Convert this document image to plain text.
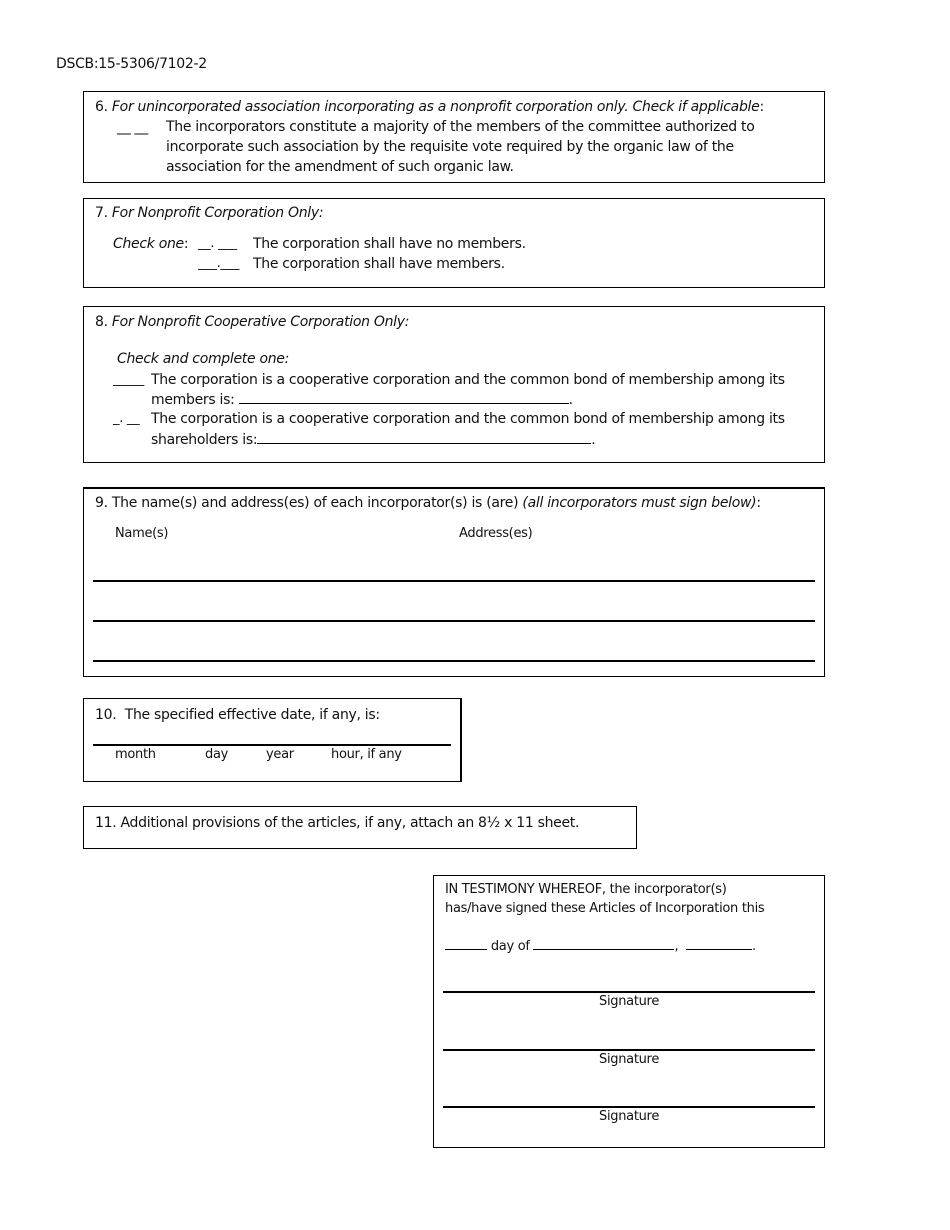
DSCB:15-5306/7102-2
6. For unincorporated association incorporating as a nonprofit corporation only. Check if applicable:
__ __ The incorporators constitute a majority of the members of the committee authorized to
incorporate such association by the requisite vote required by the organic law of the
association for the amendment of such organic law.
7. For Nonprofit Corporation Only:
Check one: __. ___ The corporation shall have no members.
___.___ The corporation shall have members.
8. For Nonprofit Cooperative Corporation Only:
Check and complete one:
_____ The corporation is a cooperative corporation and the common bond of membership among its
members is:	.
_. __ The corporation is a cooperative corporation and the common bond of membership among its
shareholders is:	.
9. The name(s) and address(es) of each incorporator(s) is (are) (all incorporators must sign below):
Name(s)	Address(es)
10. The specified effective date, if any, is:
month	day	year	hour, if any
11. Additional provisions of the articles, if any, attach an 8½ x 11 sheet.
IN TESTIMONY WHEREOF, the incorporator(s)
has/have signed these Articles of Incorporation this
day of	,	.
Signature
Signature
Signature
